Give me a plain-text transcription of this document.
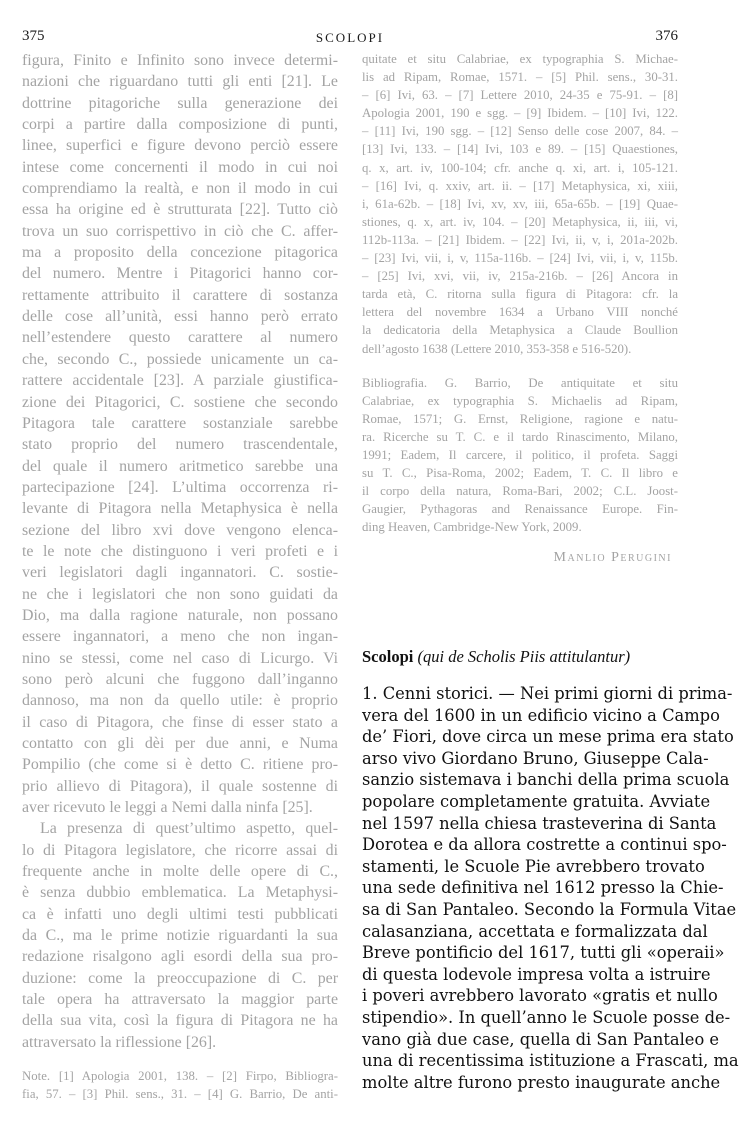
375	SCOLOPI	376
figura, Finito e Infinito sono invece determi-
nazioni che riguardano tutti gli enti [21]. Le
dottrine pitagoriche sulla generazione dei
corpi a partire dalla composizione di punti,
linee, superfici e figure devono perciò essere
intese come concernenti il modo in cui noi
comprendiamo la realtà, e non il modo in cui
essa ha origine ed è strutturata [22]. Tutto ciò
trova un suo corrispettivo in ciò che C. affer-
ma a proposito della concezione pitagorica
del numero. Mentre i Pitagorici hanno cor-
rettamente attribuito il carattere di sostanza
delle cose all’unità, essi hanno però errato
nell’estendere questo carattere al numero
che, secondo C., possiede unicamente un ca-
rattere accidentale [23]. A parziale giustifica-
zione dei Pitagorici, C. sostiene che secondo
Pitagora tale carattere sostanziale sarebbe
stato proprio del numero trascendentale,
del quale il numero aritmetico sarebbe una
partecipazione [24]. L’ultima occorrenza ri-
levante di Pitagora nella Metaphysica è nella
sezione del libro xvi dove vengono elenca-
te le note che distinguono i veri profeti e i
veri legislatori dagli ingannatori. C. sostie-
ne che i legislatori che non sono guidati da
Dio, ma dalla ragione naturale, non possano
essere ingannatori, a meno che non ingan-
nino se stessi, come nel caso di Licurgo. Vi
sono però alcuni che fuggono dall’inganno
dannoso, ma non da quello utile: è proprio
il caso di Pitagora, che finse di esser stato a
contatto con gli dèi per due anni, e Numa
Pompilio (che come si è detto C. ritiene pro-
prio allievo di Pitagora), il quale sostenne di
aver ricevuto le leggi a Nemi dalla ninfa [25].
La presenza di quest’ultimo aspetto, quel-
lo di Pitagora legislatore, che ricorre assai di
frequente anche in molte delle opere di C.,
è senza dubbio emblematica. La Metaphysi-
ca è infatti uno degli ultimi testi pubblicati
da C., ma le prime notizie riguardanti la sua
redazione risalgono agli esordi della sua pro-
duzione: come la preoccupazione di C. per
tale opera ha attraversato la maggior parte
della sua vita, così la figura di Pitagora ne ha
attraversato la riflessione [26].
Note. [1] Apologia 2001, 138. – [2] Firpo, Bibliogra-
fia, 57. – [3] Phil. sens., 31. – [4] G. Barrio, De anti-
quitate et situ Calabriae, ex typographia S. Michae-
lis ad Ripam, Romae, 1571. – [5] Phil. sens., 30-31.
– [6] Ivi, 63. – [7] Lettere 2010, 24-35 e 75-91. – [8]
Apologia 2001, 190 e sgg. – [9] Ibidem. – [10] Ivi, 122.
– [11] Ivi, 190 sgg. – [12] Senso delle cose 2007, 84. –
[13] Ivi, 133. – [14] Ivi, 103 e 89. – [15] Quaestiones,
q. x, art. iv, 100-104; cfr. anche q. xi, art. i, 105-121.
– [16] Ivi, q. xxiv, art. ii. – [17] Metaphysica, xi, xiii,
i, 61a-62b. – [18] Ivi, xv, xv, iii, 65a-65b. – [19] Quae-
stiones, q. x, art. iv, 104. – [20] Metaphysica, ii, iii, vi,
112b-113a. – [21] Ibidem. – [22] Ivi, ii, v, i, 201a-202b.
– [23] Ivi, vii, i, v, 115a-116b. – [24] Ivi, vii, i, v, 115b.
– [25] Ivi, xvi, vii, iv, 215a-216b. – [26] Ancora in
tarda età, C. ritorna sulla figura di Pitagora: cfr. la
lettera del novembre 1634 a Urbano VIII nonché
la dedicatoria della Metaphysica a Claude Boullion
dell’agosto 1638 (Lettere 2010, 353-358 e 516-520).
Bibliografia. G. Barrio, De antiquitate et situ
Calabriae, ex typographia S. Michaelis ad Ripam,
Romae, 1571; G. Ernst, Religione, ragione e natu-
ra. Ricerche su T. C. e il tardo Rinascimento, Milano,
1991; Eadem, Il carcere, il politico, il profeta. Saggi
su T. C., Pisa-Roma, 2002; Eadem, T. C. Il libro e
il corpo della natura, Roma-Bari, 2002; C.L. Joost-
Gaugier, Pythagoras and Renaissance Europe. Fin-
ding Heaven, Cambridge-New York, 2009.
Manlio Perugini
Scolopi (qui de Scholis Piis attitulantur)
1. Cenni storici. — Nei primi giorni di prima-
vera del 1600 in un edificio vicino a Campo
de’ Fiori, dove circa un mese prima era stato
arso vivo Giordano Bruno, Giuseppe Cala-
sanzio sistemava i banchi della prima scuola
popolare completamente gratuita. Avviate
nel 1597 nella chiesa trasteverina di Santa
Dorotea e da allora costrette a continui spo-
stamenti, le Scuole Pie avrebbero trovato
una sede definitiva nel 1612 presso la Chie-
sa di San Pantaleo. Secondo la Formula Vitae
calasanziana, accettata e formalizzata dal
Breve pontificio del 1617, tutti gli «operaii»
di questa lodevole impresa volta a istruire
i poveri avrebbero lavorato «gratis et nullo
stipendio». In quell’anno le Scuole posse de-
vano già due case, quella di San Pantaleo e
una di recentissima istituzione a Frascati, ma
molte altre furono presto inaugurate anche
